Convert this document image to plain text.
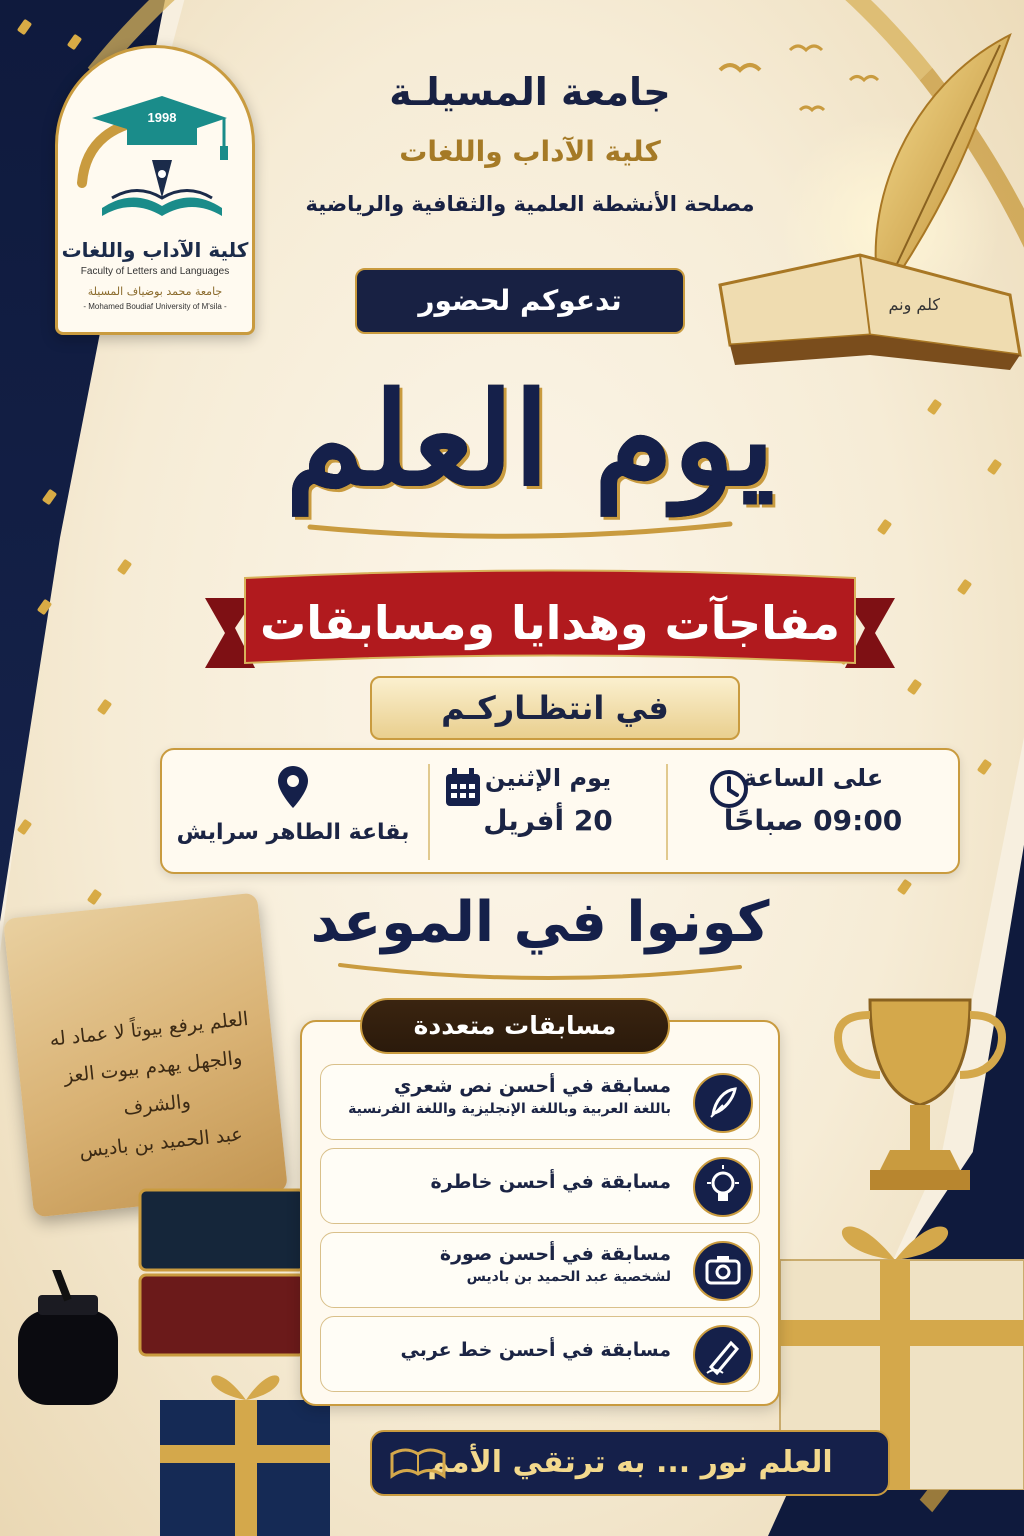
كلم ونم
1998
كلية الآداب واللغات
Faculty of Letters and Languages
جامعة محمد بوضياف المسيلة
- Mohamed Boudiaf University of M'sila -
جامعة المسيلـة
كلية الآداب واللغات
مصلحة الأنشطة العلمية والثقافية والرياضية
تدعوكم لحضور
يوم العلم
مفاجآت وهدايا ومسابقات
في انتظـاركـم
على الساعة
09:00 صباحًا
يوم الإثنين
20 أفريل
بقاعة الطاهر سرايش
كونوا في الموعد
العلم يرفع بيوتاً لا عماد له
والجهل يهدم بيوت العز والشرف
عبد الحميد بن باديس
مسابقات متعددة
مسابقة في أحسن نص شعري
باللغة العربية وباللغة الإنجليزية واللغة الفرنسية
مسابقة في أحسن خاطرة
مسابقة في أحسن صورة
لشخصية عبد الحميد بن باديس
مسابقة في أحسن خط عربي
العلم نور ... به ترتقي الأمم
